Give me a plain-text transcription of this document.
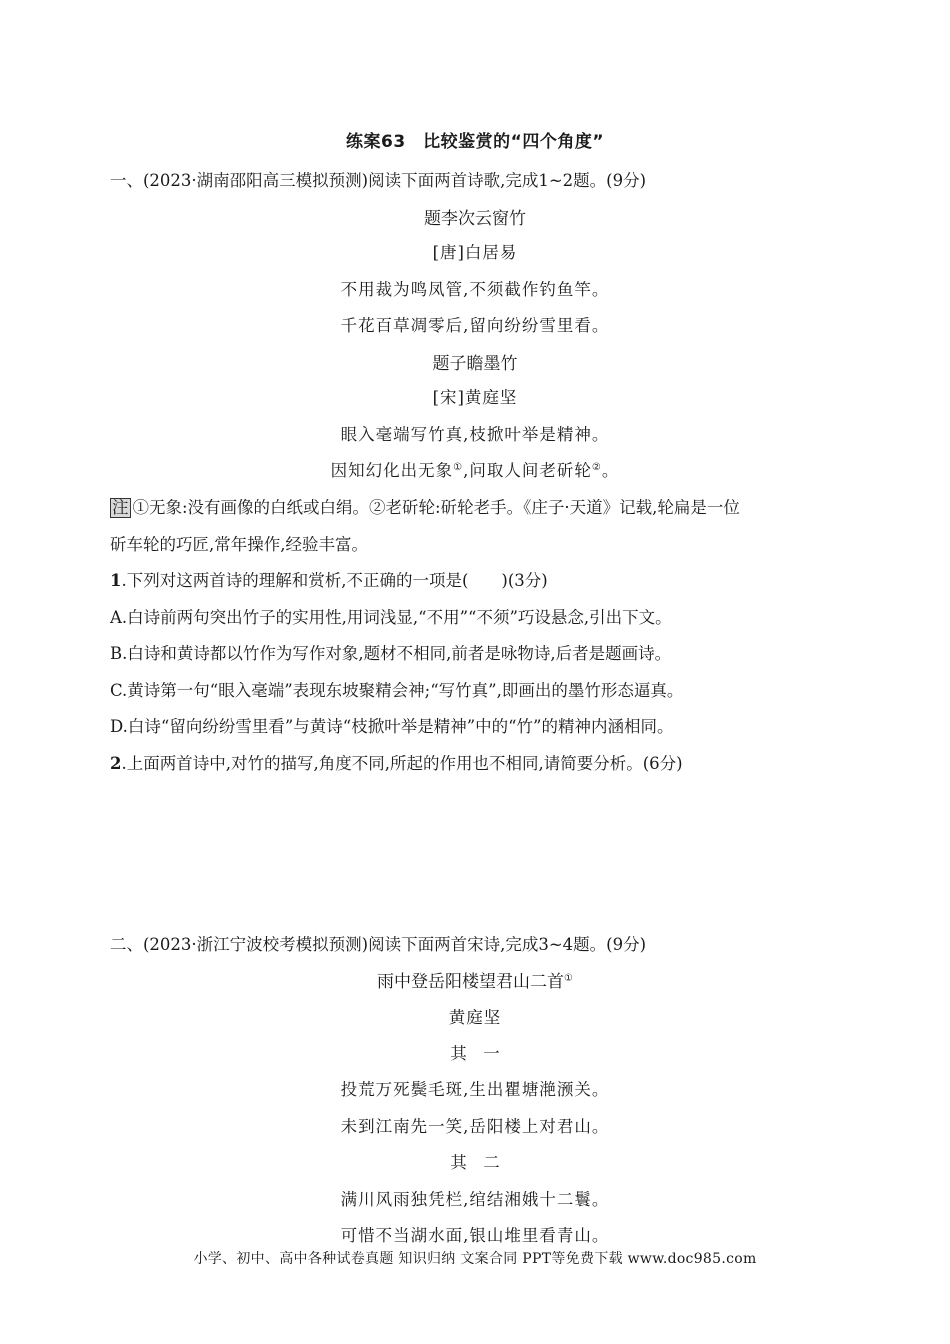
练案63　比较鉴赏的“四个角度”
一、(2023·湖南邵阳高三模拟预测)阅读下面两首诗歌,完成1~2题。(9分)
题李次云窗竹
[唐]白居易
不用裁为鸣凤管,不须截作钓鱼竿。
千花百草凋零后,留向纷纷雪里看。
题子瞻墨竹
[宋]黄庭坚
眼入毫端写竹真,枝掀叶举是精神。
因知幻化出无象①,问取人间老斫轮②。
注 ①无象:没有画像的白纸或白绢。②老斫轮:斫轮老手。《庄子·天道》记载,轮扁是一位
斫车轮的巧匠,常年操作,经验丰富。
1.下列对这两首诗的理解和赏析,不正确的一项是(　　)(3分)
A.白诗前两句突出竹子的实用性,用词浅显,“不用”“不须”巧设悬念,引出下文。
B.白诗和黄诗都以竹作为写作对象,题材不相同,前者是咏物诗,后者是题画诗。
C.黄诗第一句“眼入毫端”表现东坡聚精会神;“写竹真”,即画出的墨竹形态逼真。
D.白诗“留向纷纷雪里看”与黄诗“枝掀叶举是精神”中的“竹”的精神内涵相同。
2.上面两首诗中,对竹的描写,角度不同,所起的作用也不相同,请简要分析。(6分)
二、(2023·浙江宁波校考模拟预测)阅读下面两首宋诗,完成3~4题。(9分)
雨中登岳阳楼望君山二首①
黄庭坚
其　一
投荒万死鬓毛斑,生出瞿塘滟滪关。
未到江南先一笑,岳阳楼上对君山。
其　二
满川风雨独凭栏,绾结湘娥十二鬟。
可惜不当湖水面,银山堆里看青山。
小学、初中、高中各种试卷真题 知识归纳 文案合同 PPT等免费下载 www.doc985.com
